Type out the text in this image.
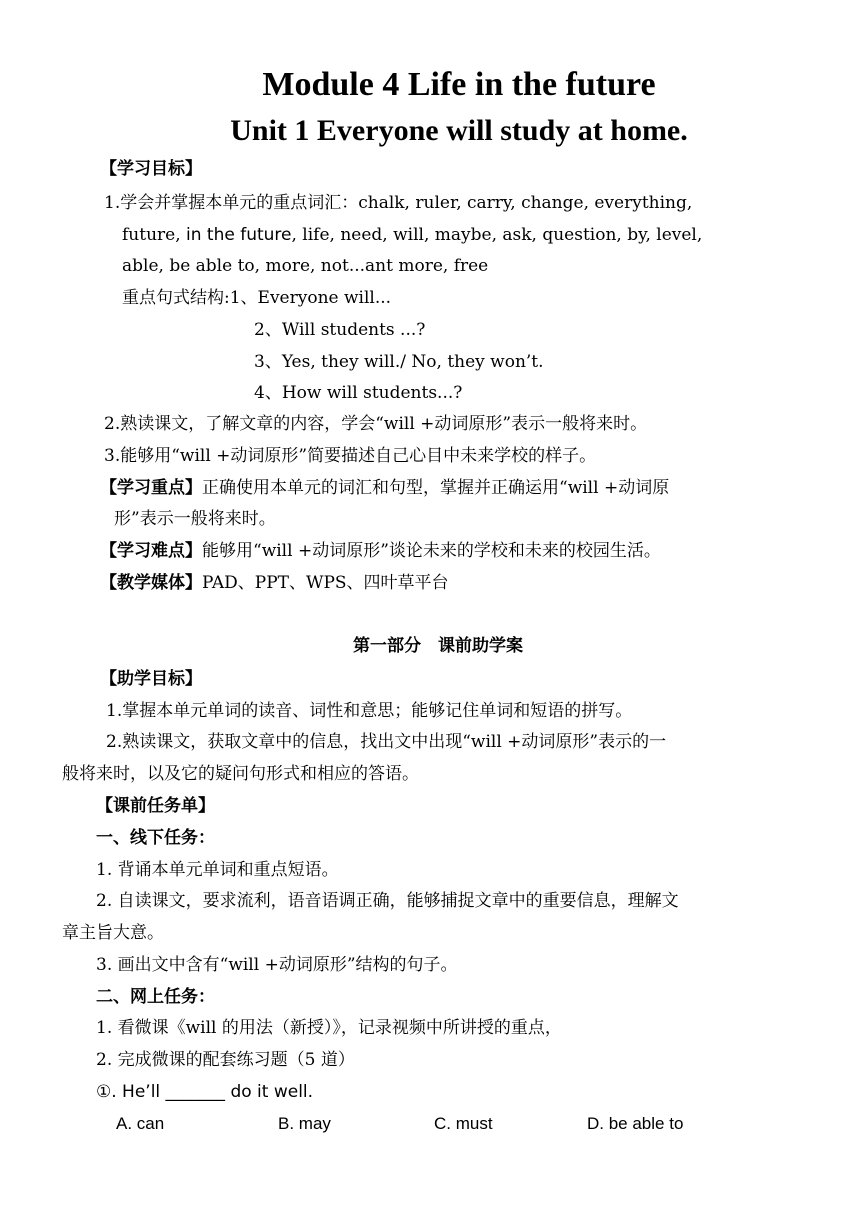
Module 4 Life in the future
Unit 1 Everyone will study at home.
【学习目标】
1.学会并掌握本单元的重点词汇：chalk, ruler, carry, change, everything,
future, in the future, life, need, will, maybe, ask, question, by, level,
able, be able to, more, not...ant more, free
重点句式结构:1、Everyone will...
2、Will students ...?
3、Yes, they will./ No, they won’t.
4、How will students...?
2.熟读课文，了解文章的内容，学会“will +动词原形”表示一般将来时。
3.能够用“will +动词原形”简要描述自己心目中未来学校的样子。
【学习重点】正确使用本单元的词汇和句型，掌握并正确运用“will +动词原
形”表示一般将来时。
【学习难点】能够用“will +动词原形”谈论未来的学校和未来的校园生活。
【教学媒体】PAD、PPT、WPS、四叶草平台
第一部分　课前助学案
【助学目标】
1.掌握本单元单词的读音、词性和意思；能够记住单词和短语的拼写。
2.熟读课文，获取文章中的信息，找出文中出现“will +动词原形”表示的一
般将来时，以及它的疑问句形式和相应的答语。
【课前任务单】
一、线下任务：
1. 背诵本单元单词和重点短语。
2. 自读课文，要求流利，语音语调正确，能够捕捉文章中的重要信息，理解文
章主旨大意。
3. 画出文中含有“will +动词原形”结构的句子。
二、网上任务：
1. 看微课《will 的用法（新授）》，记录视频中所讲授的重点，
2. 完成微课的配套练习题（5 道）
①. He’ll _______ do it well.
A. can	B. may	C. must	D. be able to
